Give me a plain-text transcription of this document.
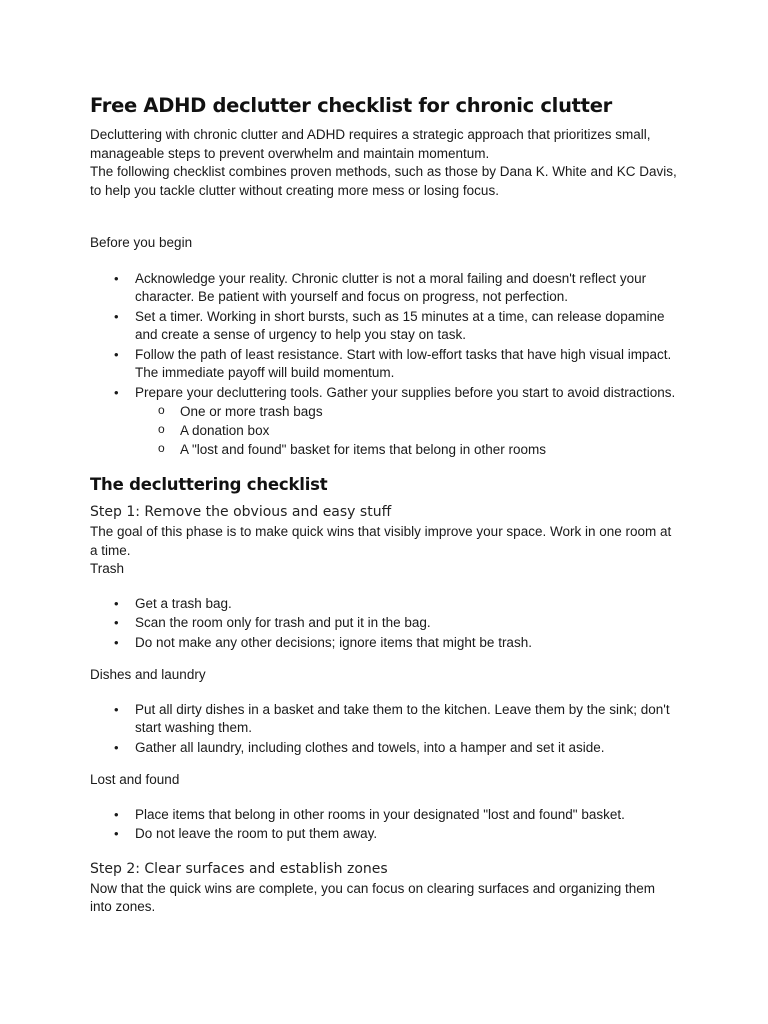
Free ADHD declutter checklist for chronic clutter

Decluttering with chronic clutter and ADHD requires a strategic approach that prioritizes small, manageable steps to prevent overwhelm and maintain momentum.

The following checklist combines proven methods, such as those by Dana K. White and KC Davis, to help you tackle clutter without creating more mess or losing focus.

Before you begin

• Acknowledge your reality. Chronic clutter is not a moral failing and doesn't reflect your character. Be patient with yourself and focus on progress, not perfection.
• Set a timer. Working in short bursts, such as 15 minutes at a time, can release dopamine and create a sense of urgency to help you stay on task.
• Follow the path of least resistance. Start with low-effort tasks that have high visual impact. The immediate payoff will build momentum.
• Prepare your decluttering tools. Gather your supplies before you start to avoid distractions.
o One or more trash bags
o A donation box
o A "lost and found" basket for items that belong in other rooms
The decluttering checklist
Step 1: Remove the obvious and easy stuff

The goal of this phase is to make quick wins that visibly improve your space. Work in one room at a time.

Trash

• Get a trash bag.
• Scan the room only for trash and put it in the bag.
• Do not make any other decisions; ignore items that might be trash.

Dishes and laundry

• Put all dirty dishes in a basket and take them to the kitchen. Leave them by the sink; don't start washing them.
• Gather all laundry, including clothes and towels, into a hamper and set it aside.

Lost and found

• Place items that belong in other rooms in your designated "lost and found" basket.
• Do not leave the room to put them away.
Step 2: Clear surfaces and establish zones

Now that the quick wins are complete, you can focus on clearing surfaces and organizing them into zones.
